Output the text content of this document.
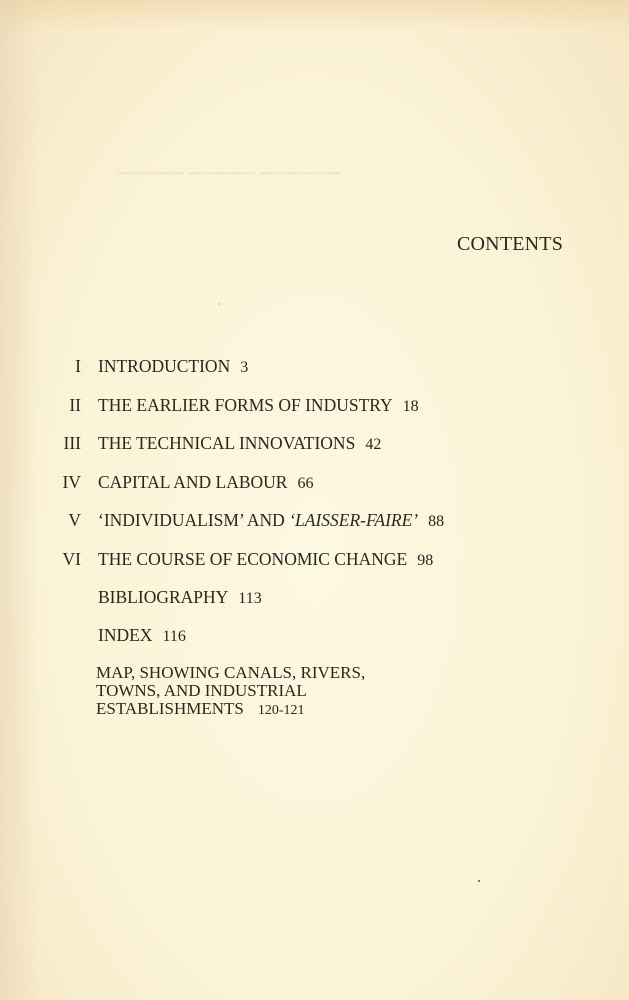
▔▔▔▔▔ ▔▔▔▔▔ ▔▔▔▔▔▔
CONTENTS
I INTRODUCTION 3
II THE EARLIER FORMS OF INDUSTRY 18
III THE TECHNICAL INNOVATIONS 42
IV CAPITAL AND LABOUR 66
V ‘INDIVIDUALISM’ AND ‘LAISSER-FAIRE’ 88
VI THE COURSE OF ECONOMIC CHANGE 98
BIBLIOGRAPHY 113
INDEX 116
MAP, SHOWING CANALS, RIVERS,
TOWNS, AND INDUSTRIAL
ESTABLISHMENTS 120-121
